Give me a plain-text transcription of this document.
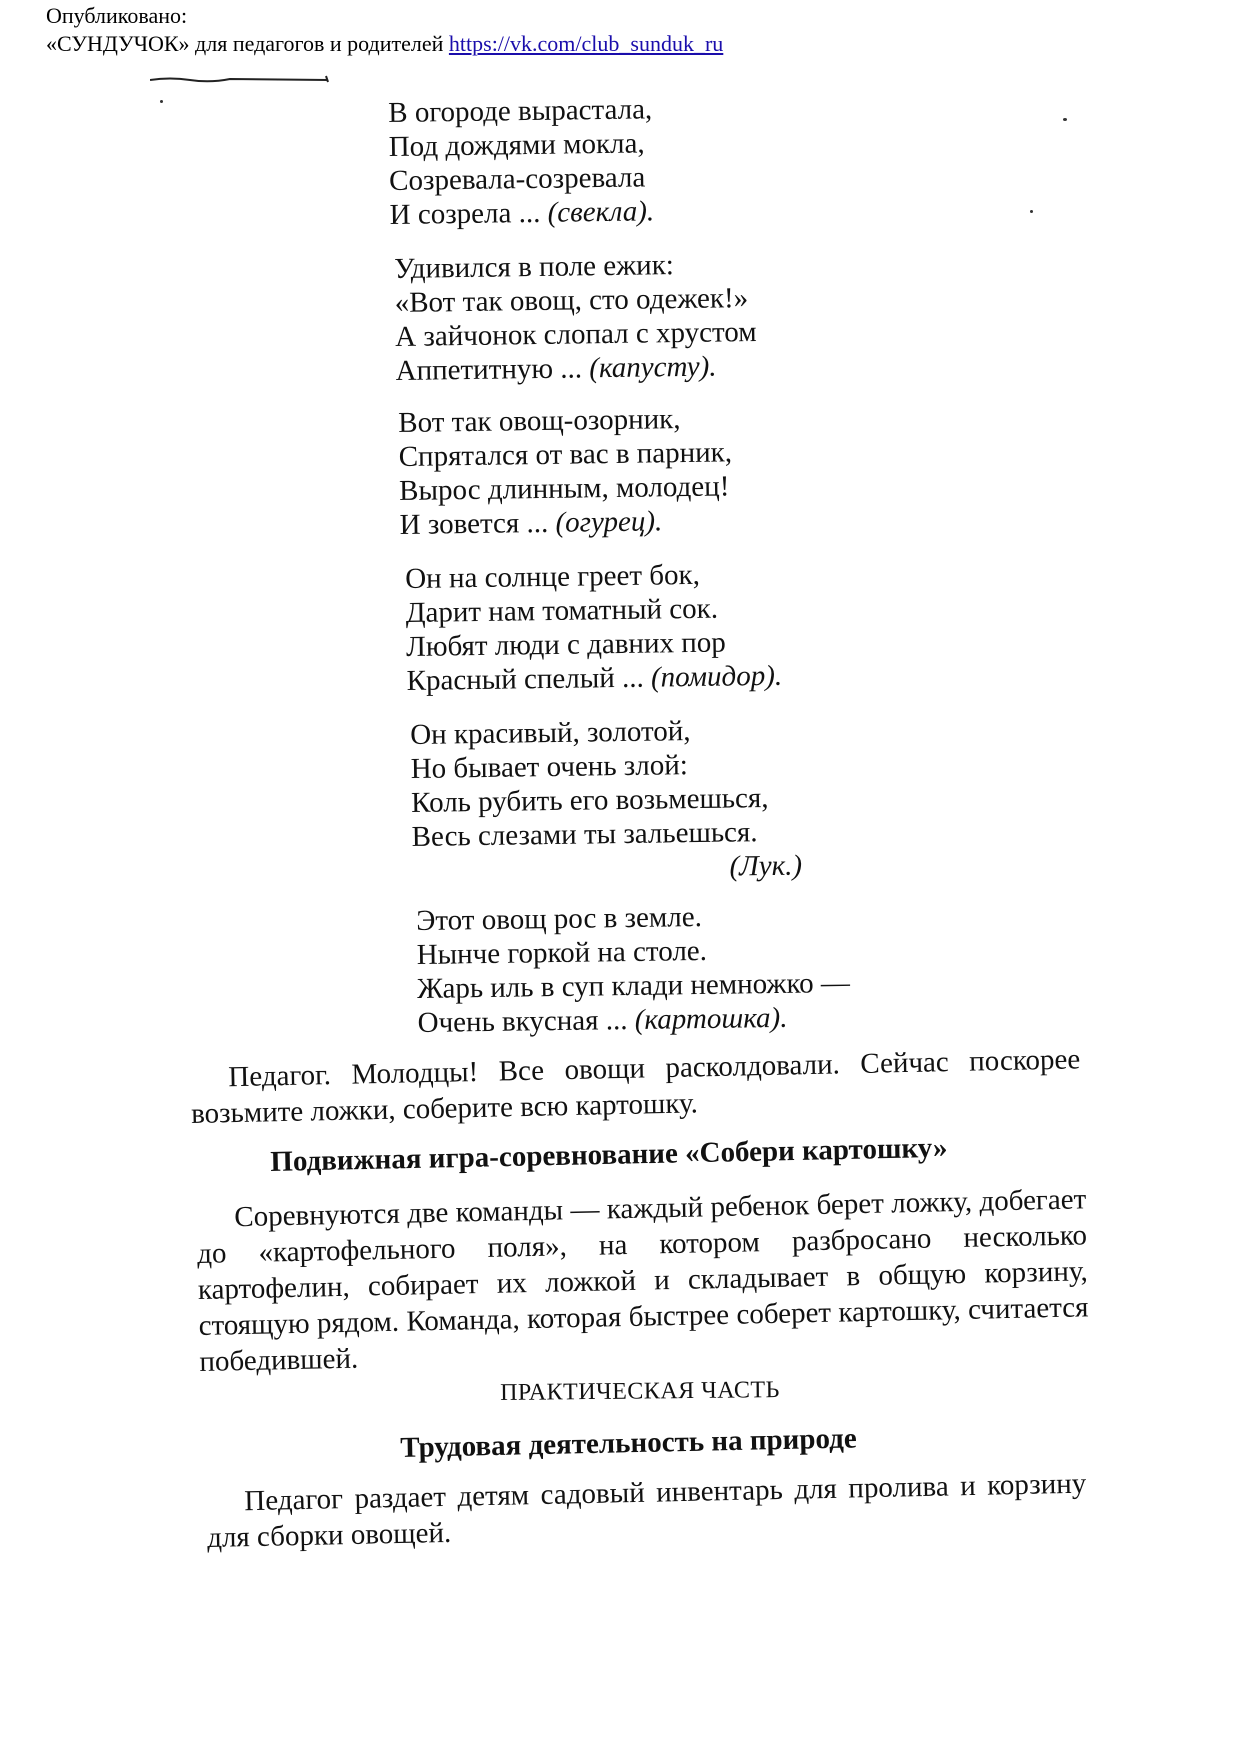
Опубликовано:
«СУНДУЧОК» для педагогов и родителей https://vk.com/club_sunduk_ru
В огороде вырастала,
Под дождями мокла,
Созревала-созревала
И созрела ... (свекла).
Удивился в поле ежик:
«Вот так овощ, сто одежек!»
А зайчонок слопал с хрустом
Аппетитную ... (капусту).
Вот так овощ-озорник,
Спрятался от вас в парник,
Вырос длинным, молодец!
И зовется ... (огурец).
Он на солнце греет бок,
Дарит нам томатный сок.
Любят люди с давних пор
Красный спелый ... (помидор).
Он красивый, золотой,
Но бывает очень злой:
Коль рубить его возьмешься,
Весь слезами ты зальешься.
(Лук.)
Этот овощ рос в земле.
Нынче горкой на столе.
Жарь иль в суп клади немножко —
Очень вкусная ... (картошка).
Педагог. Молодцы! Все овощи расколдовали. Сейчас поскорее возьмите ложки, соберите всю картошку.
Подвижная игра-соревнование «Собери картошку»
Соревнуются две команды — каждый ребенок берет ложку, добегает до «картофельного поля», на котором разбросано несколько картофелин, собирает их ложкой и складывает в общую корзину, стоящую рядом. Команда, которая быстрее соберет картошку, считается победившей.
ПРАКТИЧЕСКАЯ ЧАСТЬ
Трудовая деятельность на природе
Педагог раздает детям садовый инвентарь для пролива и корзину для сборки овощей.
